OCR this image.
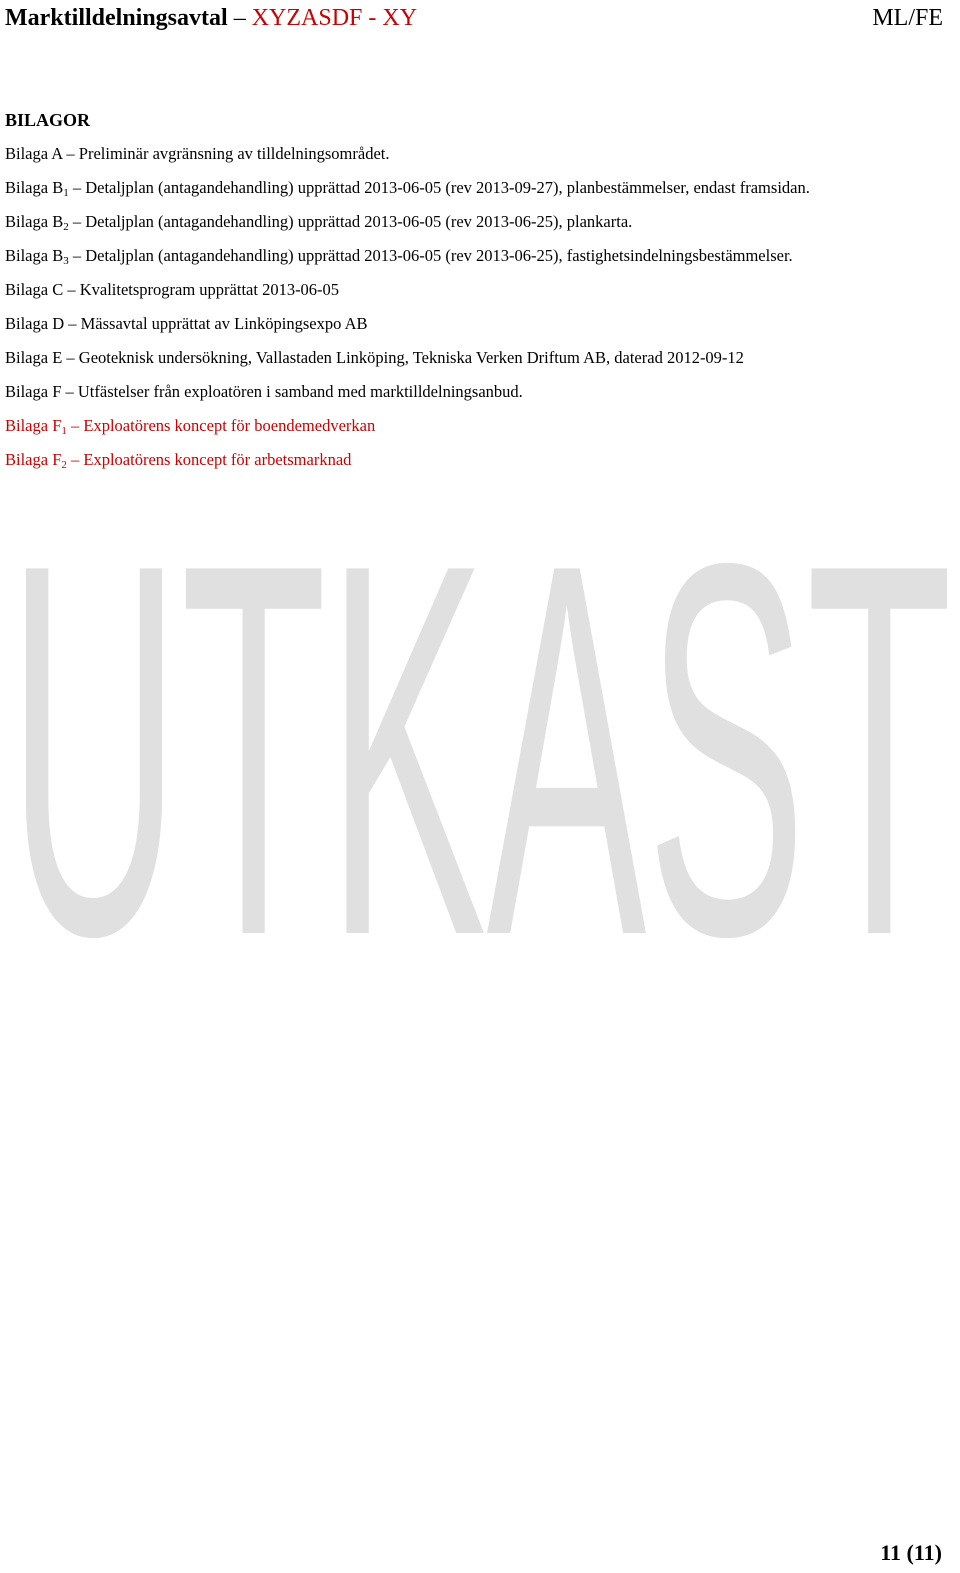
Marktilldelningsavtal – XYZASDF - XY	ML/FE
BILAGOR
Bilaga A – Preliminär avgränsning av tilldelningsområdet.
Bilaga $B_1$ – Detaljplan (antagandehandling) upprättad 2013-06-05 (rev 2013-09-27), planbestämmelser, endast framsidan.
Bilaga $B_2$ – Detaljplan (antagandehandling) upprättad 2013-06-05 (rev 2013-06-25), plankarta.
Bilaga $B_3$ – Detaljplan (antagandehandling) upprättad 2013-06-05 (rev 2013-06-25), fastighetsindelningsbestämmelser.
Bilaga C – Kvalitetsprogram upprättat 2013-06-05
Bilaga D – Mässavtal upprättat av Linköpingsexpo AB
Bilaga E – Geoteknisk undersökning, Vallastaden Linköping, Tekniska Verken Driftum AB, daterad 2012-09-12
Bilaga F – Utfästelser från exploatören i samband med marktilldelningsanbud.
Bilaga $F_1$ – Exploatörens koncept för boendemedverkan
Bilaga $F_2$ – Exploatörens koncept för arbetsmarknad
UTKAST
11 (11)
